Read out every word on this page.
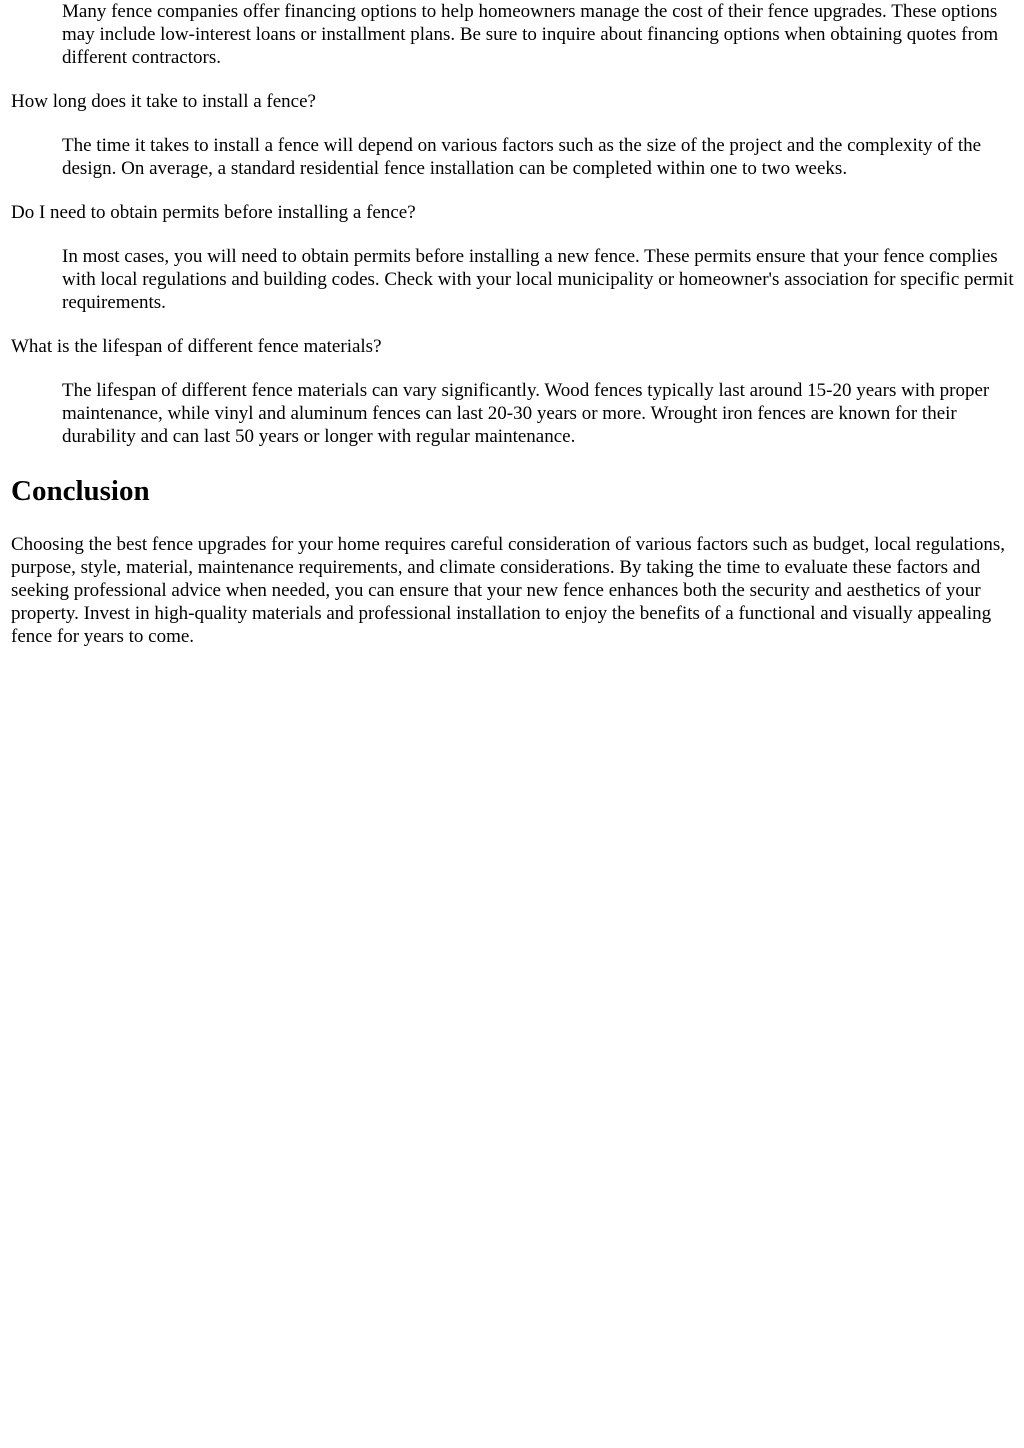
Many fence companies offer financing options to help homeowners manage the cost of their fence upgrades. These options may include low-interest loans or installment plans. Be sure to inquire about financing options when obtaining quotes from different contractors.
How long does it take to install a fence?
The time it takes to install a fence will depend on various factors such as the size of the project and the complexity of the design. On average, a standard residential fence installation can be completed within one to two weeks.
Do I need to obtain permits before installing a fence?
In most cases, you will need to obtain permits before installing a new fence. These permits ensure that your fence complies with local regulations and building codes. Check with your local municipality or homeowner's association for specific permit requirements.
What is the lifespan of different fence materials?
The lifespan of different fence materials can vary significantly. Wood fences typically last around 15-20 years with proper maintenance, while vinyl and aluminum fences can last 20-30 years or more. Wrought iron fences are known for their durability and can last 50 years or longer with regular maintenance.
Conclusion

Choosing the best fence upgrades for your home requires careful consideration of various factors such as budget, local regulations, purpose, style, material, maintenance requirements, and climate considerations. By taking the time to evaluate these factors and seeking professional advice when needed, you can ensure that your new fence enhances both the security and aesthetics of your property. Invest in high-quality materials and professional installation to enjoy the benefits of a functional and visually appealing fence for years to come.
